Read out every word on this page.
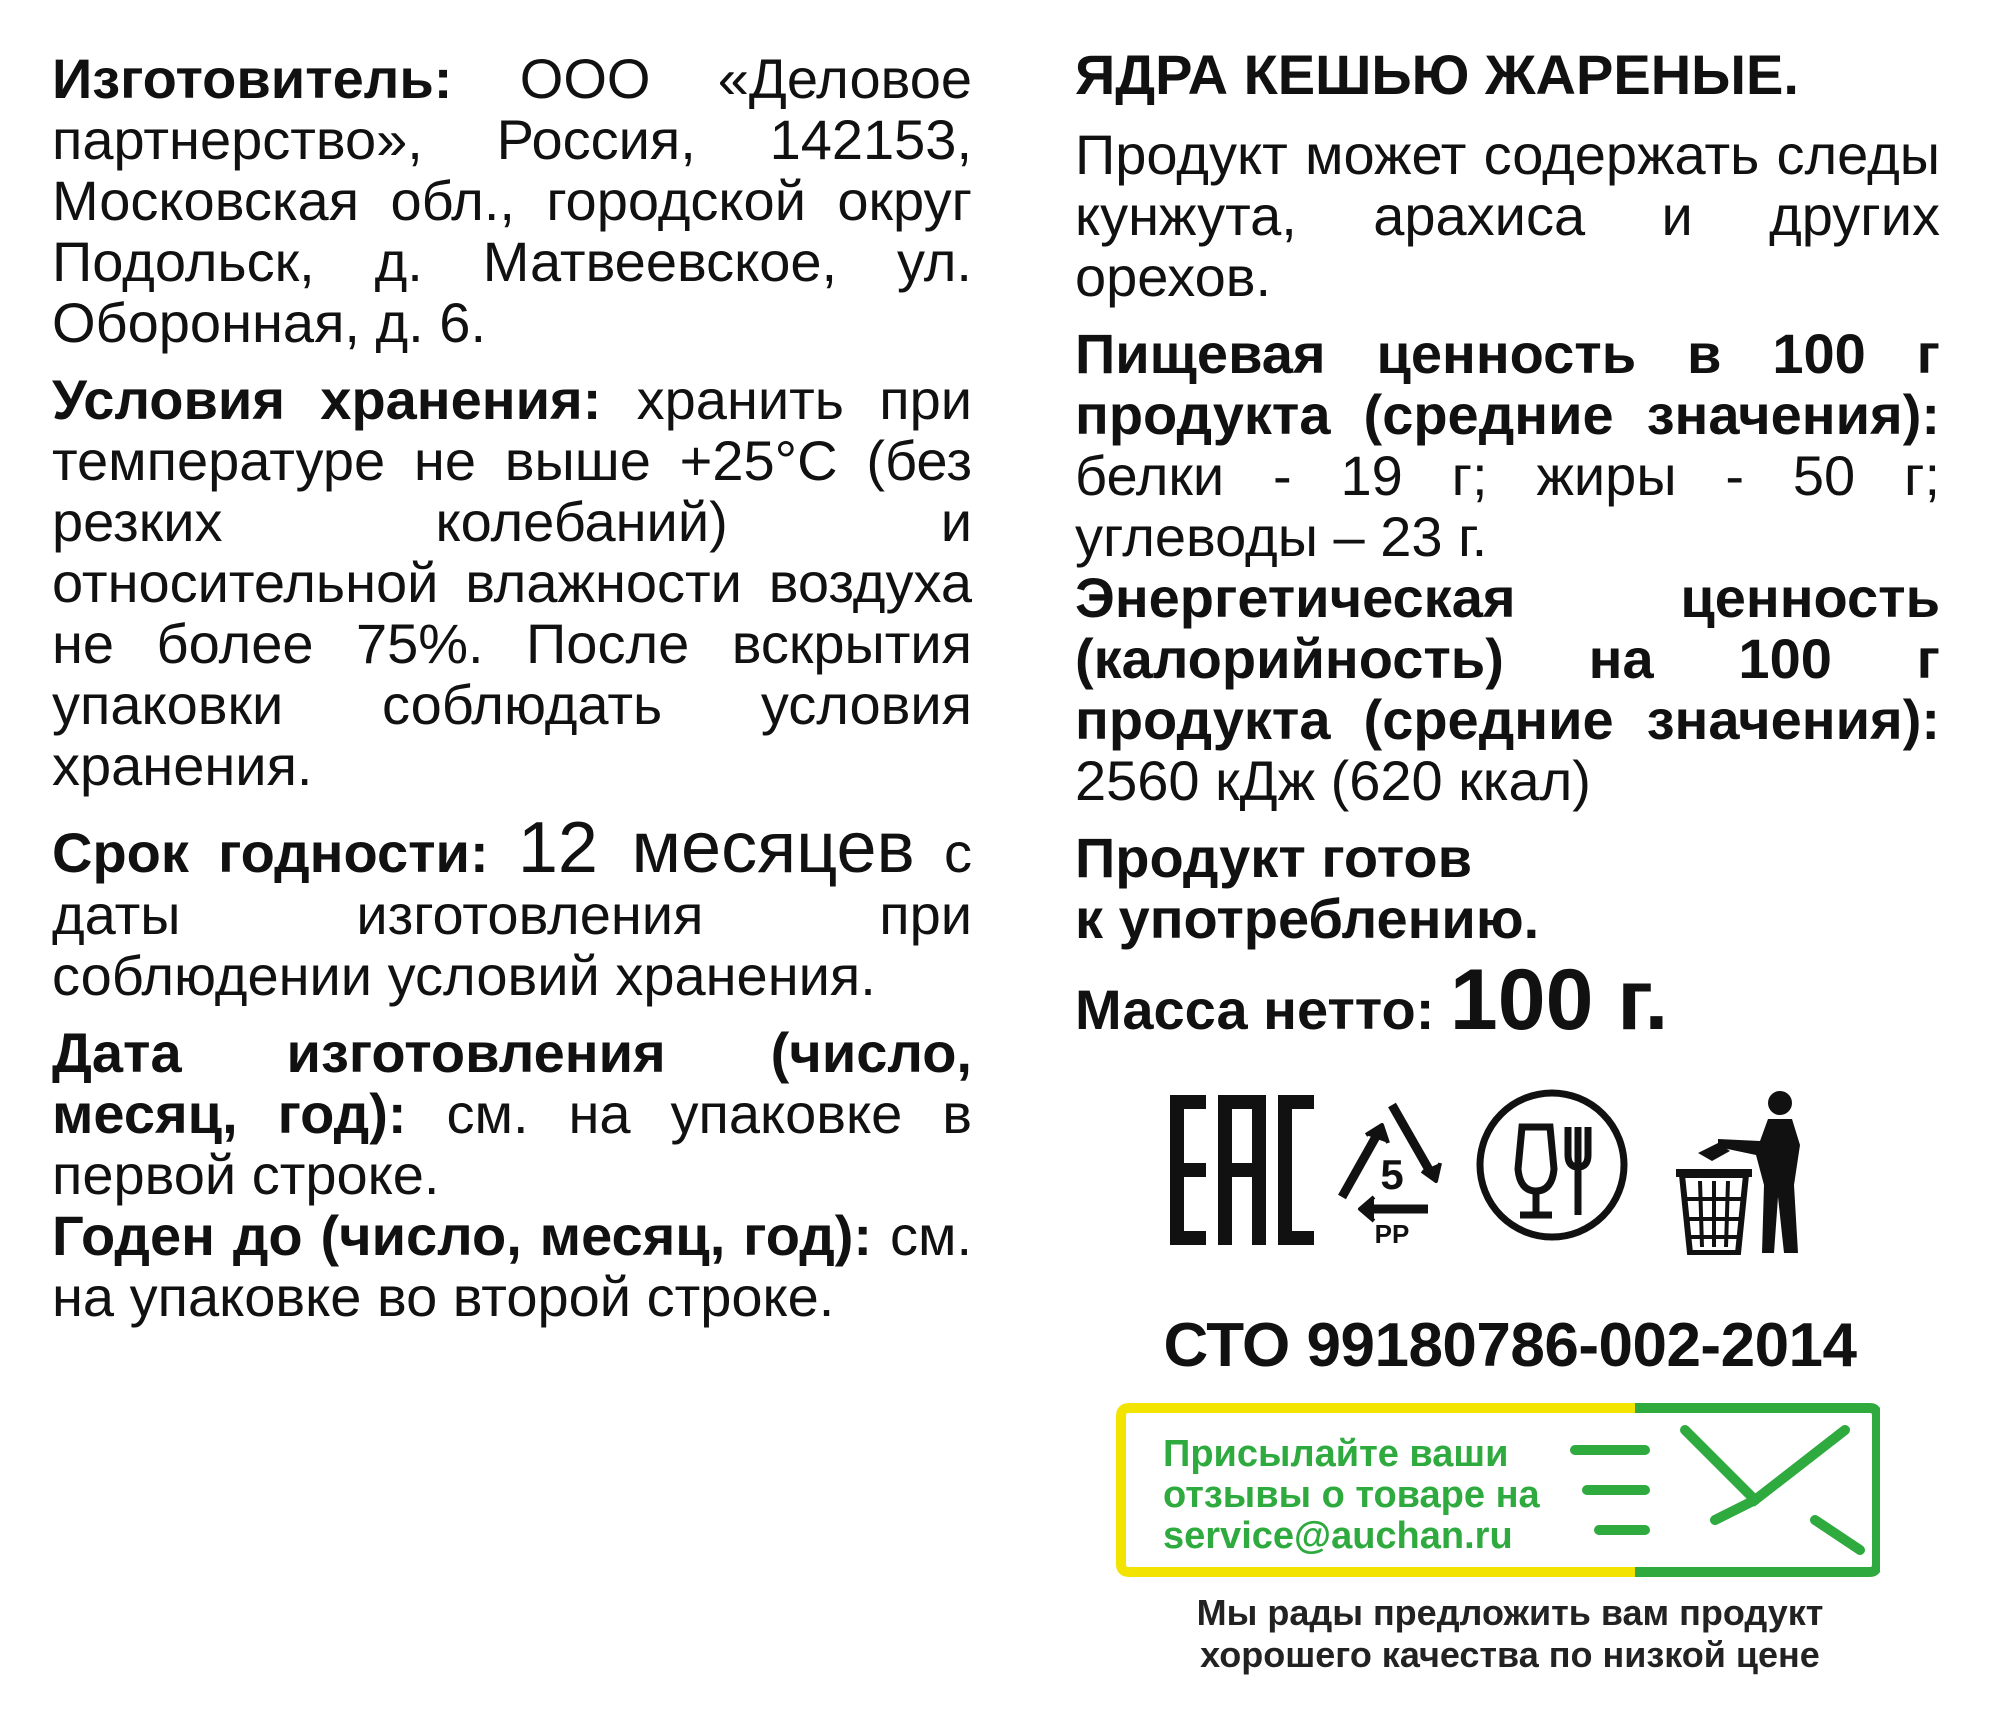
Изготовитель: ООО «Деловое партнерство», Россия, 142153, Московская обл., городской округ Подольск, д. Матвеевское, ул. Оборонная, д. 6.

Условия хранения: хранить при температуре не выше +25°C (без резких колебаний) и относительной влажности воздуха не более 75%. После вскрытия упаковки соблюдать условия хранения.

Срок годности: 12 месяцев с даты изготовления при соблюдении условий хранения.

Дата изготовления (число, месяц, год): см. на упаковке в первой строке.

Годен до (число, месяц, год): см. на упаковке во второй строке.

ЯДРА КЕШЬЮ ЖАРЕНЫЕ.

Продукт может содержать следы кунжута, арахиса и других орехов.

Пищевая ценность в 100 г продукта (средние значения): белки - 19 г; жиры - 50 г; углеводы – 23 г.

Энергетическая ценность (калорийность) на 100 г продукта (средние значения): 2560 кДж (620 ккал)

Продукт готов
к употреблению.

Масса нетто: 100 г.

5
PP
СТО 99180786-002-2014
Присылайте ваши
отзывы о товаре на
service@auchan.ru
Мы рады предложить вам продукт
хорошего качества по низкой цене
